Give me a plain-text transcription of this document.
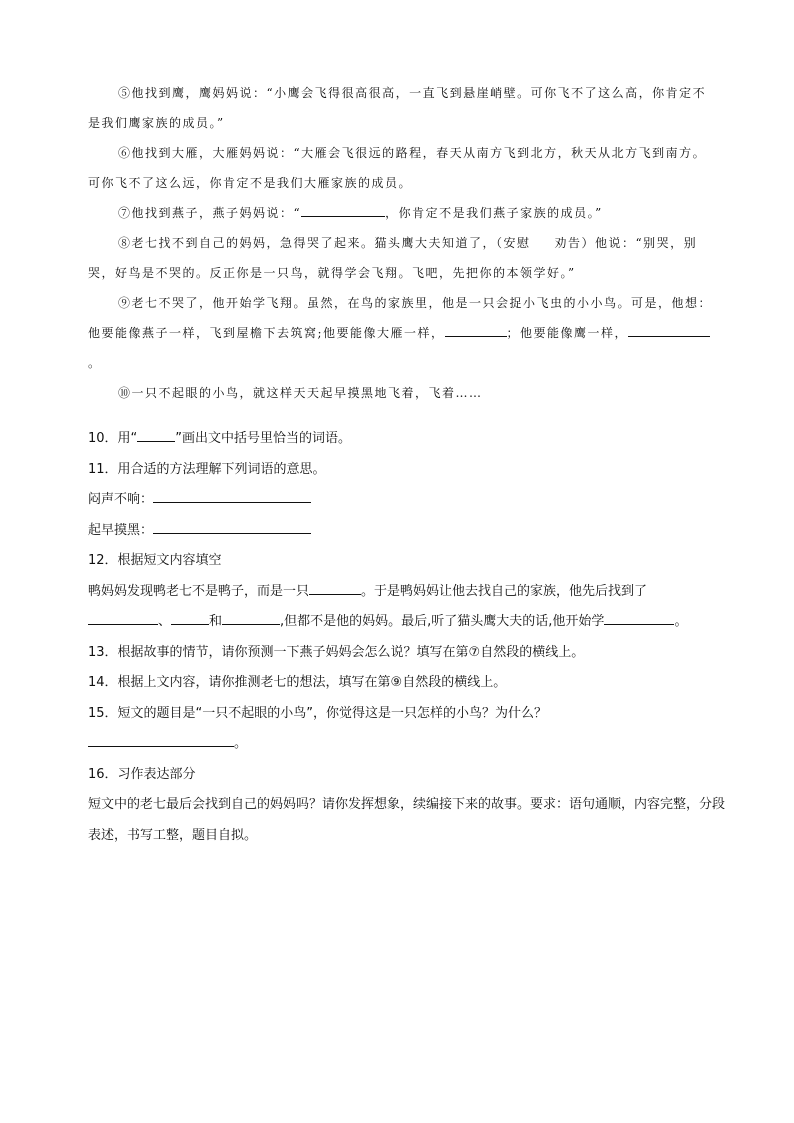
⑤他找到鹰，鹰妈妈说：“小鹰会飞得很高很高，一直飞到悬崖峭壁。可你飞不了这么高，你肯定不是我们鹰家族的成员。”

⑥他找到大雁，大雁妈妈说：“大雁会飞很远的路程，春天从南方飞到北方，秋天从北方飞到南方。可你飞不了这么远，你肯定不是我们大雁家族的成员。

⑦他找到燕子，燕子妈妈说：“	，你肯定不是我们燕子家族的成员。”

⑧老七找不到自己的妈妈，急得哭了起来。猫头鹰大夫知道了，（安慰 劝告）他说：“别哭，别哭，好鸟是不哭的。反正你是一只鸟，就得学会飞翔。飞吧，先把你的本领学好。”

⑨老七不哭了，他开始学飞翔。虽然，在鸟的家族里，他是一只会捉小飞虫的小小鸟。可是，他想：他要能像燕子一样，飞到屋檐下去筑窝;他要能像大雁一样，	；他要能像鹰一样，。

⑩一只不起眼的小鸟，就这样天天起早摸黑地飞着，飞着……

10．用“	”画出文中括号里恰当的词语。

11．用合适的方法理解下列词语的意思。

闷声不响：

起早摸黑：

12．根据短文内容填空

鸭妈妈发现鸭老七不是鸭子，而是一只	。于是鸭妈妈让他去找自己的家族，他先后找到了

、	和	,但都不是他的妈妈。最后,听了猫头鹰大夫的话,他开始学	。

13．根据故事的情节，请你预测一下燕子妈妈会怎么说？填写在第⑦自然段的横线上。

14．根据上文内容，请你推测老七的想法，填写在第⑨自然段的横线上。

15．短文的题目是“一只不起眼的小鸟”，你觉得这是一只怎样的小鸟？为什么？

。

16．习作表达部分

短文中的老七最后会找到自己的妈妈吗？请你发挥想象，续编接下来的故事。要求：语句通顺，内容完整，分段表述，书写工整，题目自拟。
